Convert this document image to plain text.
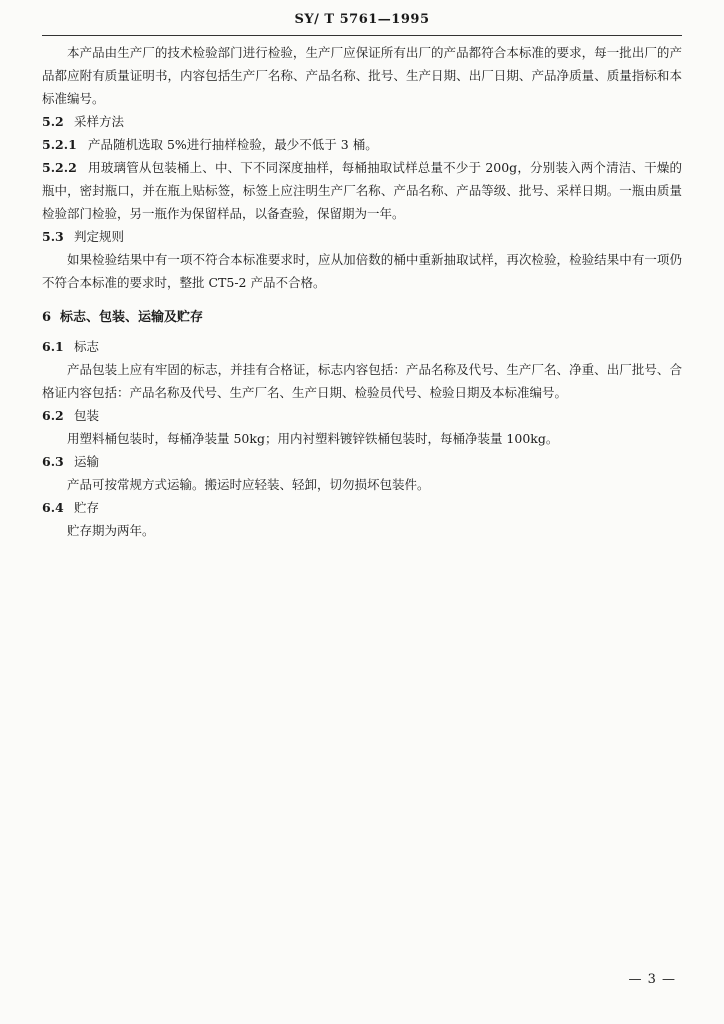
SY/ T 5761—1995

本产品由生产厂的技术检验部门进行检验，生产厂应保证所有出厂的产品都符合本标准的要求，每一批出厂的产品都应附有质量证明书，内容包括生产厂名称、产品名称、批号、生产日期、出厂日期、产品净质量、质量指标和本标准编号。

5.2 采样方法

5.2.1 产品随机选取 5%进行抽样检验，最少不低于 3 桶。

5.2.2 用玻璃管从包装桶上、中、下不同深度抽样，每桶抽取试样总量不少于 200g，分别装入两个清洁、干燥的瓶中，密封瓶口，并在瓶上贴标签，标签上应注明生产厂名称、产品名称、产品等级、批号、采样日期。一瓶由质量检验部门检验，另一瓶作为保留样品，以备查验，保留期为一年。

5.3 判定规则

如果检验结果中有一项不符合本标准要求时，应从加倍数的桶中重新抽取试样，再次检验，检验结果中有一项仍不符合本标准的要求时，整批 CT5-2 产品不合格。

6 标志、包装、运输及贮存

6.1 标志

产品包装上应有牢固的标志，并挂有合格证，标志内容包括：产品名称及代号、生产厂名、净重、出厂批号、合格证内容包括：产品名称及代号、生产厂名、生产日期、检验员代号、检验日期及本标准编号。

6.2 包装

用塑料桶包装时，每桶净装量 50kg；用内衬塑料镀锌铁桶包装时，每桶净装量 100kg。

6.3 运输

产品可按常规方式运输。搬运时应轻装、轻卸，切勿损坏包装件。

6.4 贮存

贮存期为两年。

— 3 —
